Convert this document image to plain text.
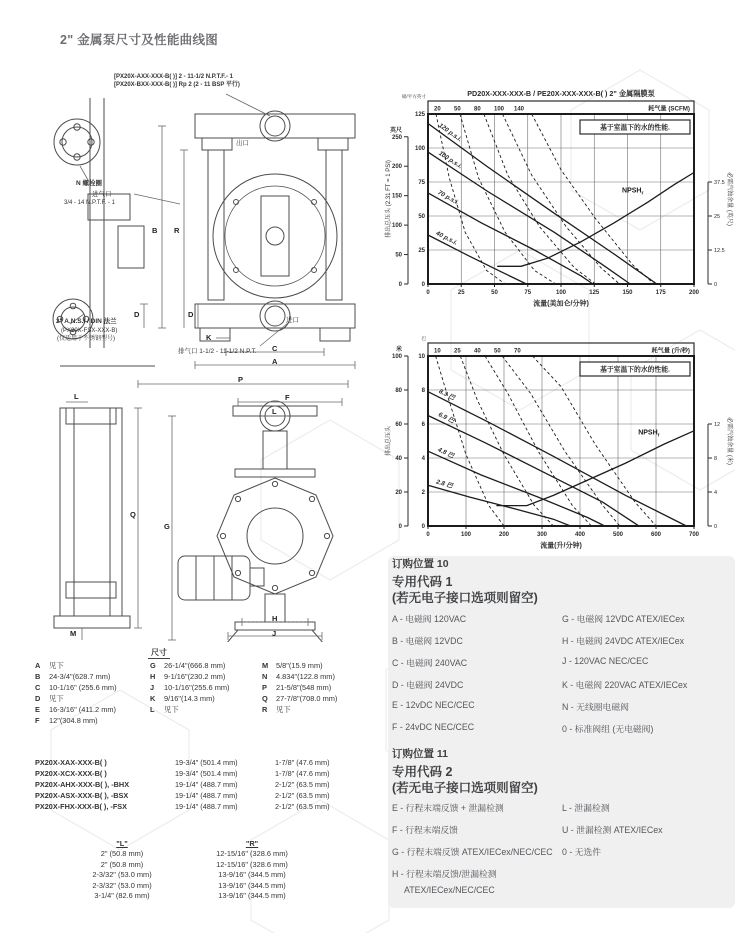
2" 金属泵尺寸及性能曲线图
[PX20X-AXX-XXX-B( )] 2 - 11-1/2 N.P.T.F.- 1
[PX20X-BXX-XXX-B( )] Rp 2 (2 - 11 BSP 平行)
出口
N 螺栓圈
进气口
3/4 - 14 N.P.T.F. - 1
进口
2" A.N.S.I / DIN 法兰
(PX20X-FSX-XXX-B)
(仅适用于不锈钢型号)
排气口 1-1/2 - 11-1/2 N.P.T.
B R
D	D
K
C
A
P
F
L
L
Q
G
M
H
J
尺寸
A	见下
B	24-3/4"(628.7 mm)
C	10-1/16" (255.6 mm)
D	见下
E	16-3/16" (411.2 mm)
F	12"(304.8 mm)
G	26-1/4"(666.8 mm)
H	9-1/16"(230.2 mm)
J	10-1/16"(255.6 mm)
K	9/16"(14.3 mm)
L	见下
M	5/8"(15.9 mm)
N	4.834"(122.8 mm)
P	21-5/8"(548 mm)
Q	27-7/8"(708.0 mm)
R	见下
PX20X-XAX-XXX-B( )	19-3/4" (501.4 mm)	1-7/8" (47.6 mm)
PX20X-XCX-XXX-B( )	19-3/4" (501.4 mm)	1-7/8" (47.6 mm)
PX20X-AHX-XXX-B( ), -BHX	19-1/4" (488.7 mm)	2-1/2" (63.5 mm)
PX20X-ASX-XXX-B( ), -BSX	19-1/4" (488.7 mm)	2-1/2" (63.5 mm)
PX20X-FHX-XXX-B( ), -FSX	19-1/4" (488.7 mm)	2-1/2" (63.5 mm)
"L"	"R"
2" (50.8 mm)	12-15/16" (328.6 mm)
2" (50.8 mm)	12-15/16" (328.6 mm)
2-3/32" (53.0 mm)	13-9/16" (344.5 mm)
2-3/32" (53.0 mm)	13-9/16" (344.5 mm)
3-1/4" (82.6 mm)	13-9/16" (344.5 mm)
PD20X-XXX-XXX-B / PE20X-XXX-XXX-B( ) 2" 金属隔膜泵
20 50 80 100 140	耗气量 (SCFM)
0	25	50	75	100	125	150	175	200
流量(美加仑/分钟)
0
25
50
75
100
125
磅/平方英寸
0
50
100
150
200
250
英尺
排出总压头 (2.31 FT = 1 PSI)
0
12.5
25
37.5 必需汽蚀余量 (英尺)
基于室温下的水的性能.
120 p.s.i.
100 p.s.i.
70 p.s.i.
40 p.s.i.
$NPSH_r$
10 25 40 50 70	耗气量 (升/秒)
0	100	200	300	400	500	600	700
流量(升/分钟)
0
2
4
6
8
10
巴
0
20
40
60
80
100
米
排出总压头
0
4
8
12 必需汽蚀余量 (米)
基于室温下的水的性能.
8.3 巴
6.9 巴
4.8 巴
2.8 巴
$NPSH_r$
订购位置 10
专用代码 1
(若无电子接口选项则留空)
A - 电磁阀 120VAC
B - 电磁阀 12VDC
C - 电磁阀 240VAC
D - 电磁阀 24VDC
E - 12vDC NEC/CEC
F - 24vDC NEC/CEC
G - 电磁阀 12VDC ATEX/IECex
H - 电磁阀 24VDC ATEX/IECex
J - 120VAC NEC/CEC
K - 电磁阀 220VAC ATEX/IECex
N - 无线圈电磁阀
0 - 标准阀组 (无电磁阀)
订购位置 11
专用代码 2
(若无电子接口选项则留空)
E - 行程末端反馈 + 泄漏检测
F - 行程末端反馈
G - 行程末端反馈 ATEX/IECex/NEC/CEC
H - 行程末端反馈/泄漏检测
ATEX/IECex/NEC/CEC
L - 泄漏检测
U - 泄漏检测 ATEX/IECex
0 - 无选件
